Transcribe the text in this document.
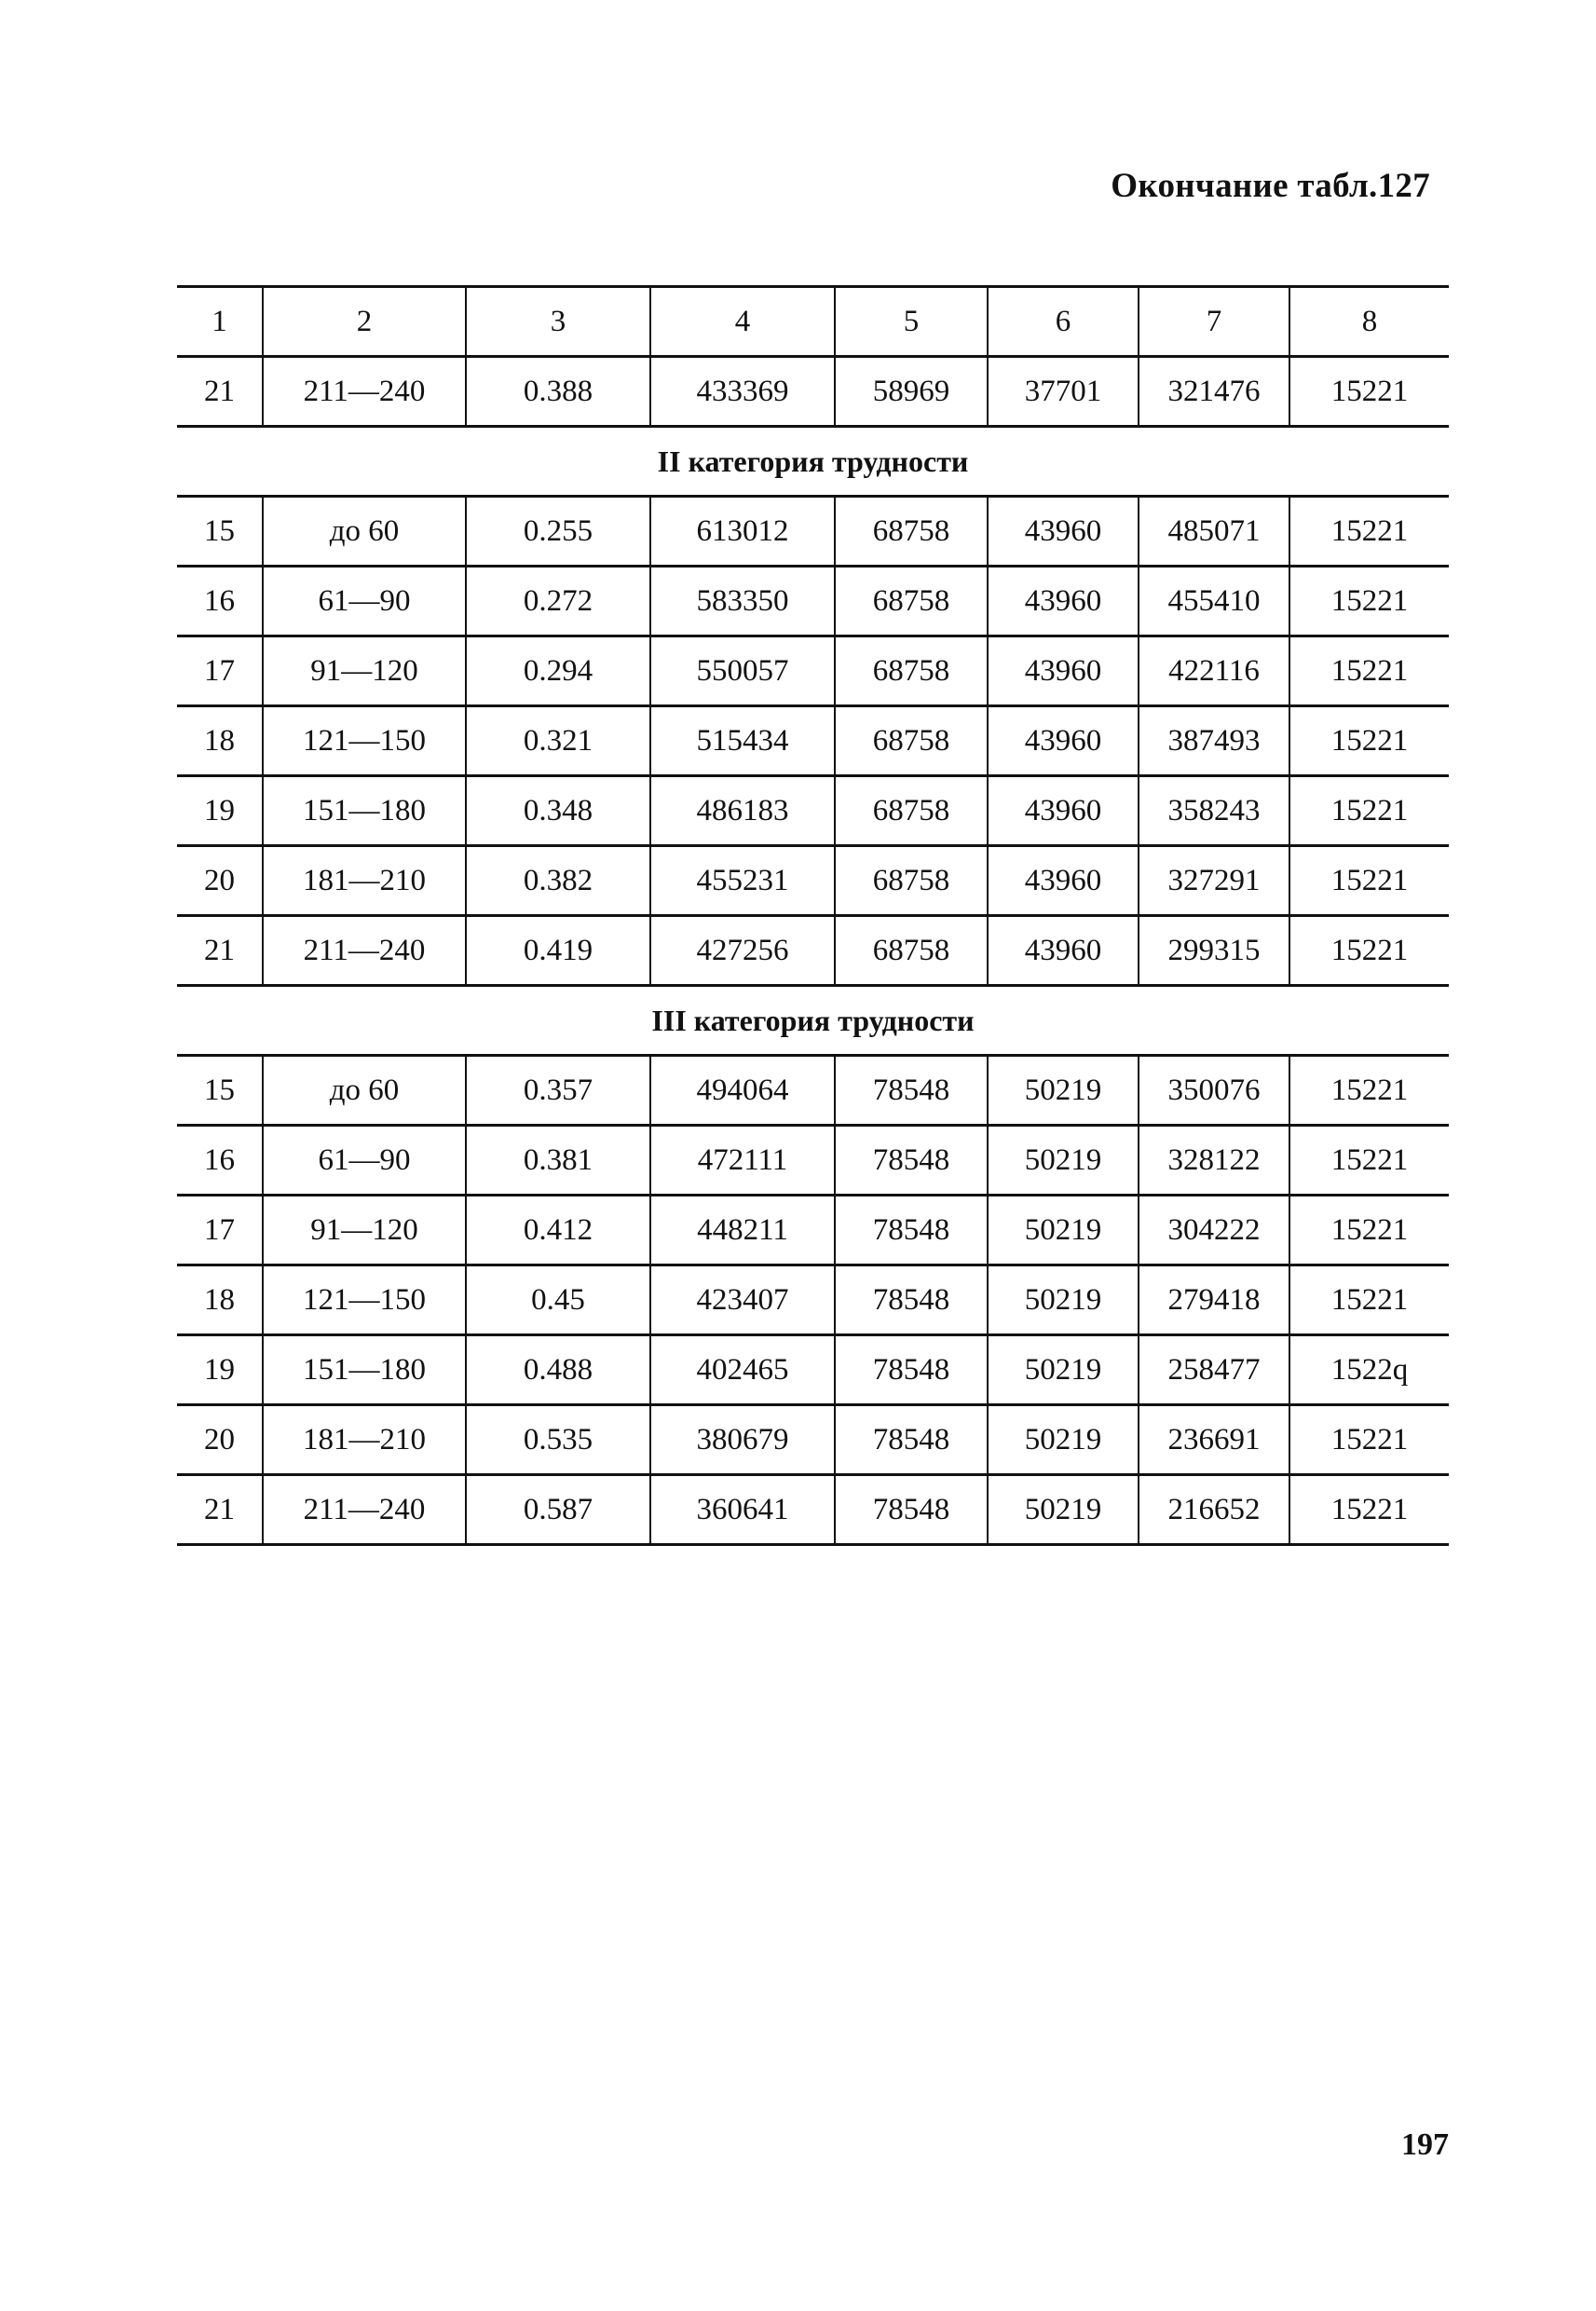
Окончание табл.127
1	2	3	4	5	6	7	8
21	211—240	0.388	433369	58969	37701	321476	15221
II категория трудности							
15	до 60	0.255	613012	68758	43960	485071	15221
16	61—90	0.272	583350	68758	43960	455410	15221
17	91—120	0.294	550057	68758	43960	422116	15221
18	121—150	0.321	515434	68758	43960	387493	15221
19	151—180	0.348	486183	68758	43960	358243	15221
20	181—210	0.382	455231	68758	43960	327291	15221
21	211—240	0.419	427256	68758	43960	299315	15221
III категория трудности							
15	до 60	0.357	494064	78548	50219	350076	15221
16	61—90	0.381	472111	78548	50219	328122	15221
17	91—120	0.412	448211	78548	50219	304222	15221
18	121—150	0.45	423407	78548	50219	279418	15221
19	151—180	0.488	402465	78548	50219	258477	1522q
20	181—210	0.535	380679	78548	50219	236691	15221
21	211—240	0.587	360641	78548	50219	216652	15221
197
